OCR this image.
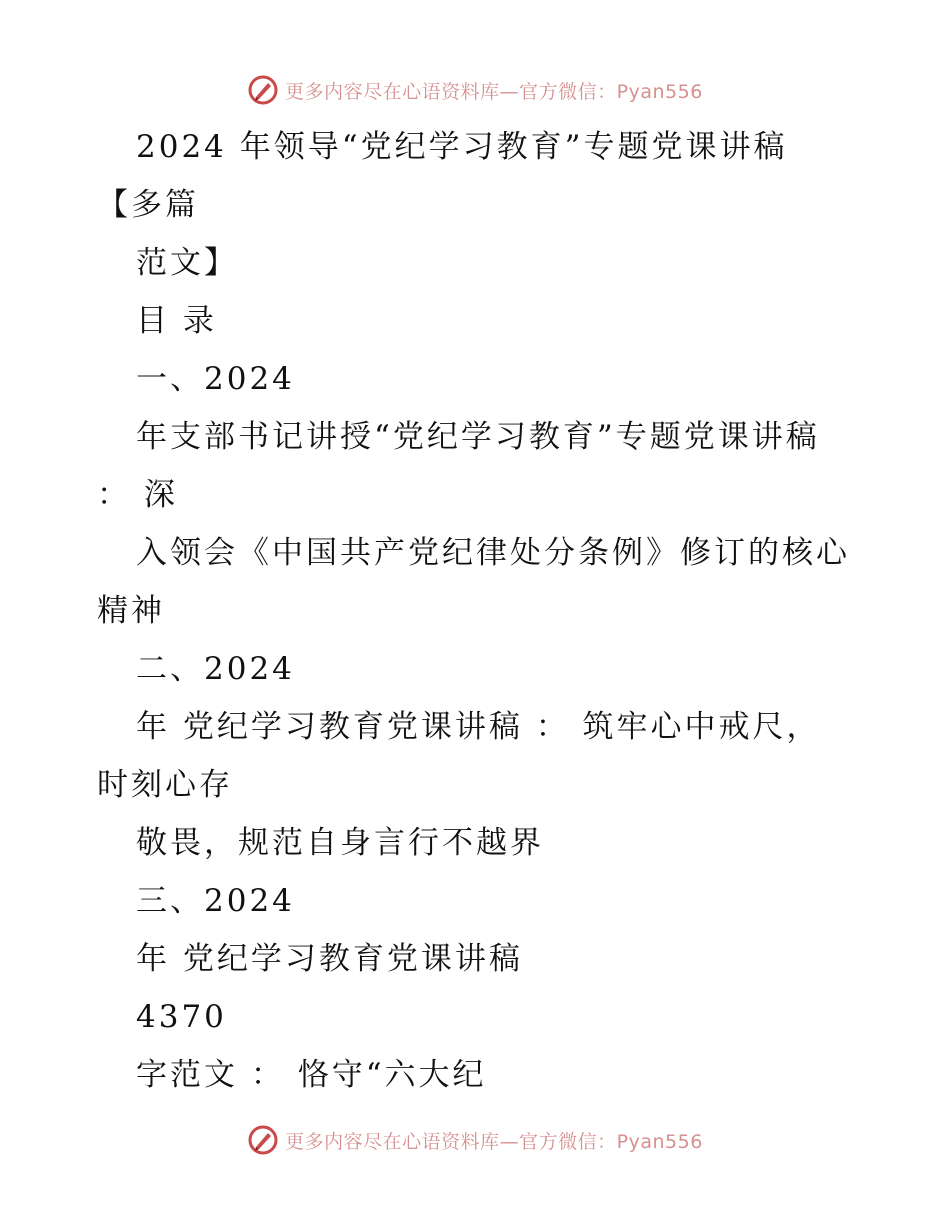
更多内容尽在心语资料库—官方微信：Pyan556
2024 年领导“党纪学习教育”专题党课讲稿
【多篇
范文】
目 录
一、2024
年支部书记讲授“党纪学习教育”专题党课讲稿
： 深
入领会《中国共产党纪律处分条例》修订的核心
精神
二、2024
年 党纪学习教育党课讲稿 ： 筑牢心中戒尺，
时刻心存
敬畏，规范自身言行不越界
三、2024
年 党纪学习教育党课讲稿
4370
字范文 ： 恪守“六大纪
更多内容尽在心语资料库—官方微信：Pyan556
